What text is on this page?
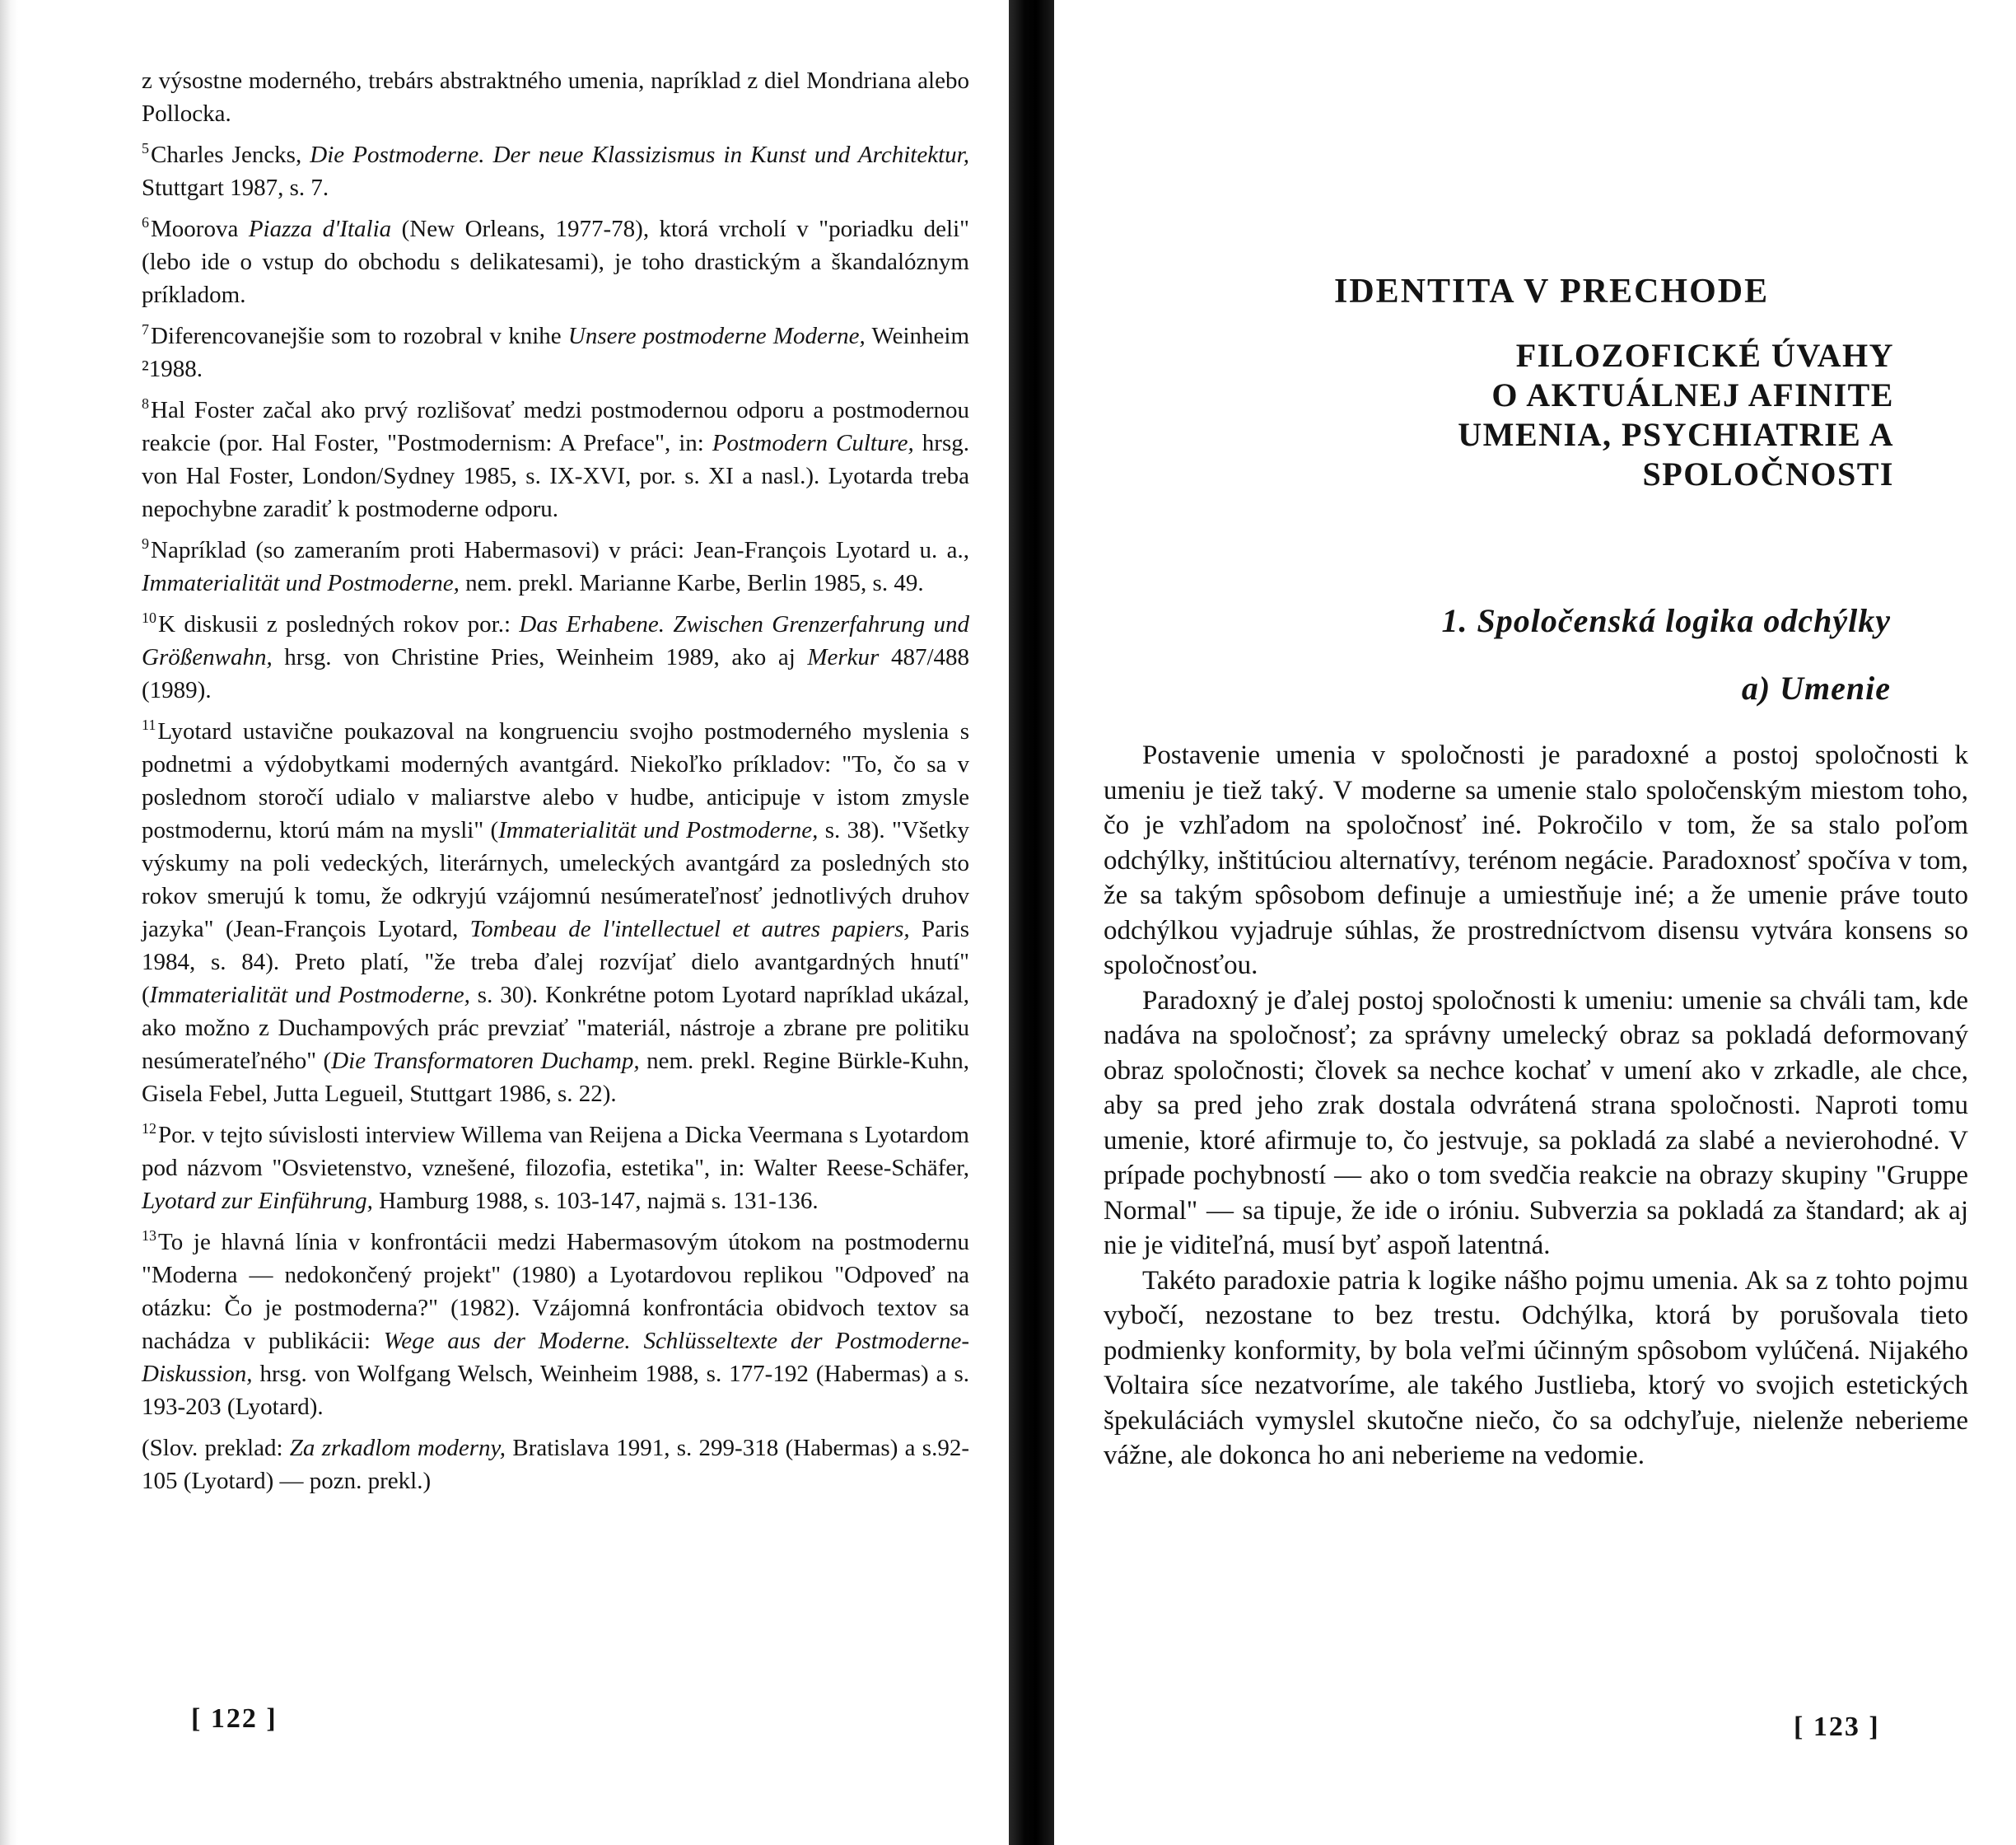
z výsostne moderného, trebárs abstraktného umenia, napríklad z diel Mondriana alebo Pollocka.

$^5$Charles Jencks, Die Postmoderne. Der neue Klassizismus in Kunst und Architektur, Stuttgart 1987, s. 7.

$^6$Moorova Piazza d'Italia (New Orleans, 1977-78), ktorá vrcholí v "poriadku deli" (lebo ide o vstup do obchodu s delikatesami), je toho drastickým a škandalóznym príkladom.

$^7$Diferencovanejšie som to rozobral v knihe Unsere postmoderne Moderne, Weinheim ²1988.

$^8$Hal Foster začal ako prvý rozlišovať medzi postmodernou odporu a postmodernou reakcie (por. Hal Foster, "Postmodernism: A Preface", in: Postmodern Culture, hrsg. von Hal Foster, London/Sydney 1985, s. IX-XVI, por. s. XI a nasl.). Lyotarda treba nepochybne zaradiť k postmoderne odporu.

$^9$Napríklad (so zameraním proti Habermasovi) v práci: Jean-François Lyotard u. a., Immaterialität und Postmoderne, nem. prekl. Marianne Karbe, Berlin 1985, s. 49.

$^{10}$K diskusii z posledných rokov por.: Das Erhabene. Zwischen Grenzerfahrung und Größenwahn, hrsg. von Christine Pries, Weinheim 1989, ako aj Merkur 487/488 (1989).

$^{11}$Lyotard ustavične poukazoval na kongruenciu svojho postmoderného myslenia s podnetmi a výdobytkami moderných avantgárd. Niekoľko príkladov: "To, čo sa v poslednom storočí udialo v maliarstve alebo v hudbe, anticipuje v istom zmysle postmodernu, ktorú mám na mysli" (Immaterialität und Postmoderne, s. 38). "Všetky výskumy na poli vedeckých, literárnych, umeleckých avantgárd za posledných sto rokov smerujú k tomu, že odkryjú vzájomnú nesúmerateľnosť jednotlivých druhov jazyka" (Jean-François Lyotard, Tombeau de l'intellectuel et autres papiers, Paris 1984, s. 84). Preto platí, "že treba ďalej rozvíjať dielo avantgardných hnutí" (Immaterialität und Postmoderne, s. 30). Konkrétne potom Lyotard napríklad ukázal, ako možno z Duchampových prác prevziať "materiál, nástroje a zbrane pre politiku nesúmerateľného" (Die Transformatoren Duchamp, nem. prekl. Regine Bürkle-Kuhn, Gisela Febel, Jutta Legueil, Stuttgart 1986, s. 22).

$^{12}$Por. v tejto súvislosti interview Willema van Reijena a Dicka Veermana s Lyotardom pod názvom "Osvietenstvo, vznešené, filozofia, estetika", in: Walter Reese-Schäfer, Lyotard zur Einführung, Hamburg 1988, s. 103-147, najmä s. 131-136.

$^{13}$To je hlavná línia v konfrontácii medzi Habermasovým útokom na postmodernu "Moderna — nedokončený projekt" (1980) a Lyotardovou replikou "Odpoveď na otázku: Čo je postmoderna?" (1982). Vzájomná konfrontácia obidvoch textov sa nachádza v publikácii: Wege aus der Moderne. Schlüsseltexte der Postmoderne-Diskussion, hrsg. von Wolfgang Welsch, Weinheim 1988, s. 177-192 (Habermas) a s. 193-203 (Lyotard).

(Slov. preklad: Za zrkadlom moderny, Bratislava 1991, s. 299-318 (Habermas) a s.92-105 (Lyotard) — pozn. prekl.)

[ 122 ]
IDENTITA V PRECHODE
FILOZOFICKÉ ÚVAHY
O AKTUÁLNEJ AFINITE
UMENIA, PSYCHIATRIE A
SPOLOČNOSTI
1. Spoločenská logika odchýlky
a) Umenie

Postavenie umenia v spoločnosti je paradoxné a postoj spoločnosti k umeniu je tiež taký. V moderne sa umenie stalo spoločenským miestom toho, čo je vzhľadom na spoločnosť iné. Pokročilo v tom, že sa stalo poľom odchýlky, inštitúciou alternatívy, terénom negácie. Paradoxnosť spočíva v tom, že sa takým spôsobom definuje a umiestňuje iné; a že umenie práve touto odchýlkou vyjadruje súhlas, že prostredníctvom disensu vytvára konsens so spoločnosťou.

Paradoxný je ďalej postoj spoločnosti k umeniu: umenie sa chváli tam, kde nadáva na spoločnosť; za správny umelecký obraz sa pokladá deformovaný obraz spoločnosti; človek sa nechce kochať v umení ako v zrkadle, ale chce, aby sa pred jeho zrak dostala odvrátená strana spoločnosti. Naproti tomu umenie, ktoré afirmuje to, čo jestvuje, sa pokladá za slabé a nevierohodné. V prípade pochybností — ako o tom svedčia reakcie na obrazy skupiny "Gruppe Normal" — sa tipuje, že ide o iróniu. Subverzia sa pokladá za štandard; ak aj nie je viditeľná, musí byť aspoň latentná.

Takéto paradoxie patria k logike nášho pojmu umenia. Ak sa z tohto pojmu vybočí, nezostane to bez trestu. Odchýlka, ktorá by porušovala tieto podmienky konformity, by bola veľmi účinným spôsobom vylúčená. Nijakého Voltaira síce nezatvoríme, ale takého Justlieba, ktorý vo svojich estetických špekuláciách vymyslel skutočne niečo, čo sa odchyľuje, nielenže neberieme vážne, ale dokonca ho ani neberieme na vedomie.

[ 123 ]
